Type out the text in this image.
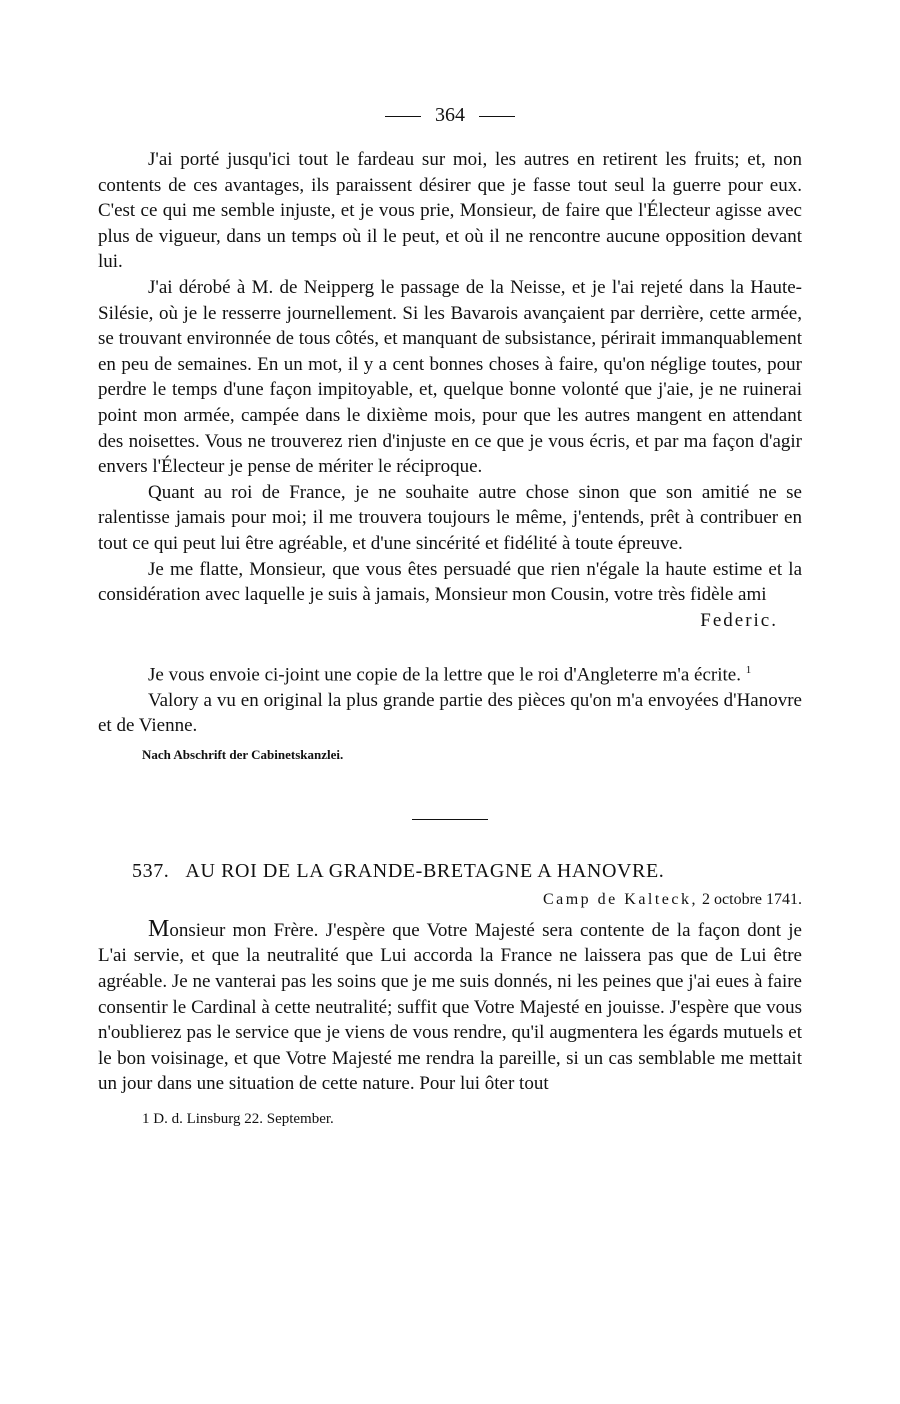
364

J'ai porté jusqu'ici tout le fardeau sur moi, les autres en retirent les fruits; et, non contents de ces avantages, ils paraissent désirer que je fasse tout seul la guerre pour eux. C'est ce qui me semble injuste, et je vous prie, Monsieur, de faire que l'Électeur agisse avec plus de vigueur, dans un temps où il le peut, et où il ne rencontre aucune opposition devant lui.

J'ai dérobé à M. de Neipperg le passage de la Neisse, et je l'ai rejeté dans la Haute-Silésie, où je le resserre journellement. Si les Bavarois avançaient par derrière, cette armée, se trouvant environnée de tous côtés, et manquant de subsistance, périrait immanquablement en peu de semaines. En un mot, il y a cent bonnes choses à faire, qu'on néglige toutes, pour perdre le temps d'une façon impitoyable, et, quelque bonne volonté que j'aie, je ne ruinerai point mon armée, campée dans le dixième mois, pour que les autres mangent en attendant des noisettes. Vous ne trouverez rien d'injuste en ce que je vous écris, et par ma façon d'agir envers l'Électeur je pense de mériter le réciproque.

Quant au roi de France, je ne souhaite autre chose sinon que son amitié ne se ralentisse jamais pour moi; il me trouvera toujours le même, j'entends, prêt à contribuer en tout ce qui peut lui être agréable, et d'une sincérité et fidélité à toute épreuve.

Je me flatte, Monsieur, que vous êtes persuadé que rien n'égale la haute estime et la considération avec laquelle je suis à jamais, Monsieur mon Cousin, votre très fidèle ami

Federic.

Je vous envoie ci-joint une copie de la lettre que le roi d'Angleterre m'a écrite. $^1$

Valory a vu en original la plus grande partie des pièces qu'on m'a envoyées d'Hanovre et de Vienne.

Nach Abschrift der Cabinetskanzlei.
537. AU ROI DE LA GRANDE-BRETAGNE A HANOVRE.
Camp de Kalteck, 2 octobre 1741.

Monsieur mon Frère. J'espère que Votre Majesté sera contente de la façon dont je L'ai servie, et que la neutralité que Lui accorda la France ne laissera pas que de Lui être agréable. Je ne vanterai pas les soins que je me suis donnés, ni les peines que j'ai eues à faire consentir le Cardinal à cette neutralité; suffit que Votre Majesté en jouisse. J'espère que vous n'oublierez pas le service que je viens de vous rendre, qu'il augmentera les égards mutuels et le bon voisinage, et que Votre Majesté me rendra la pareille, si un cas semblable me mettait un jour dans une situation de cette nature. Pour lui ôter tout

1 D. d. Linsburg 22. September.
